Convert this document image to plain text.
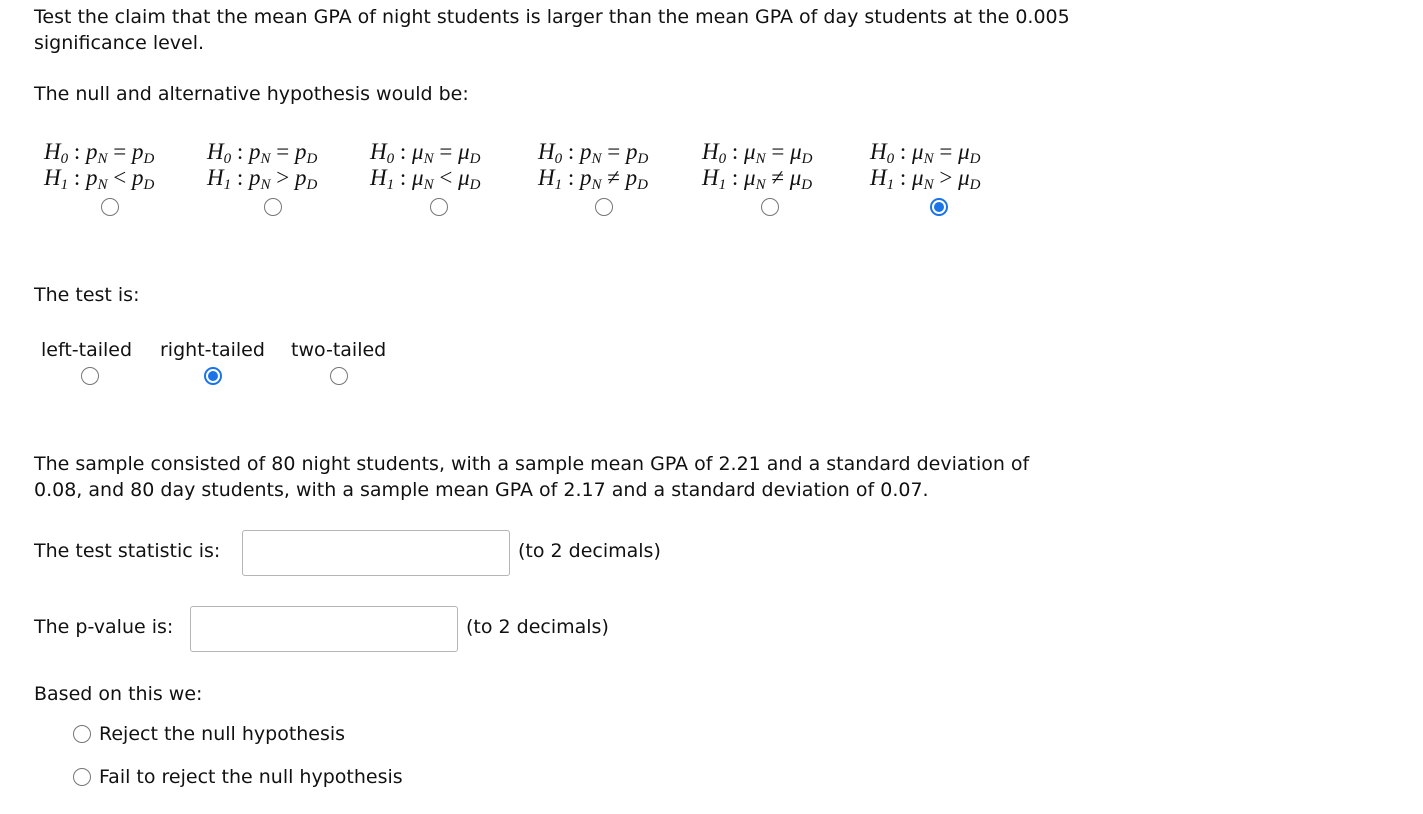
Test the claim that the mean GPA of night students is larger than the mean GPA of day students at the 0.005
significance level.

The null and alternative hypothesis would be:
$H_0$ : $p_N = p_D$
$H_1$ : $p_N < p_D$
$H_0$ : $p_N = p_D$
$H_1$ : $p_N > p_D$
$H_0$ : $\mu_N = \mu_D$
$H_1$ : $\mu_N < \mu_D$
$H_0$ : $p_N = p_D$
$H_1$ : $p_N \ne p_D$
$H_0$ : $\mu_N = \mu_D$
$H_1$ : $\mu_N \ne \mu_D$
$H_0$ : $\mu_N = \mu_D$
$H_1$ : $\mu_N > \mu_D$
The test is:
left-tailed right-tailed two-tailed

The sample consisted of 80 night students, with a sample mean GPA of 2.21 and a standard deviation of
0.08, and 80 day students, with a sample mean GPA of 2.17 and a standard deviation of 0.07.

The test statistic is:	(to 2 decimals)
The p-value is:	(to 2 decimals)
Based on this we:
Reject the null hypothesis
Fail to reject the null hypothesis
